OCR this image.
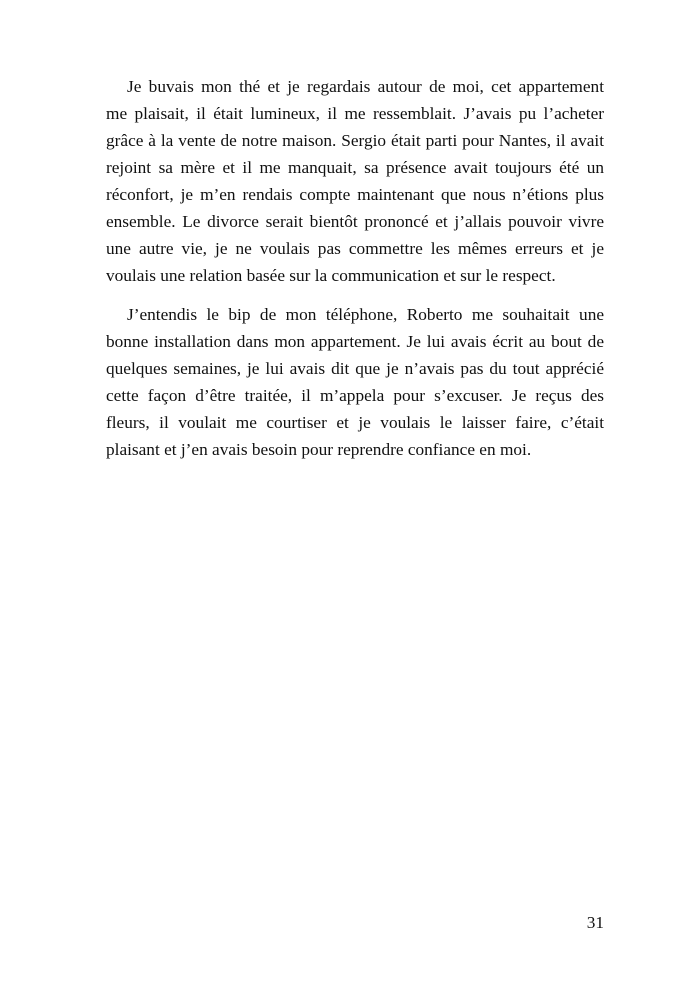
Je buvais mon thé et je regardais autour de moi, cet appartement
me plaisait, il était lumineux, il me ressemblait. J’avais pu l’acheter
grâce à la vente de notre maison. Sergio était parti pour Nantes, il avait
rejoint sa mère et il me manquait, sa présence avait toujours été un
réconfort, je m’en rendais compte maintenant que nous n’étions plus
ensemble. Le divorce serait bientôt prononcé et j’allais pouvoir vivre
une autre vie, je ne voulais pas commettre les mêmes erreurs et je
voulais une relation basée sur la communication et sur le respect.
J’entendis le bip de mon téléphone, Roberto me souhaitait une
bonne installation dans mon appartement. Je lui avais écrit au bout de
quelques semaines, je lui avais dit que je n’avais pas du tout apprécié
cette façon d’être traitée, il m’appela pour s’excuser. Je reçus des
fleurs, il voulait me courtiser et je voulais le laisser faire, c’était
plaisant et j’en avais besoin pour reprendre confiance en moi.
31
